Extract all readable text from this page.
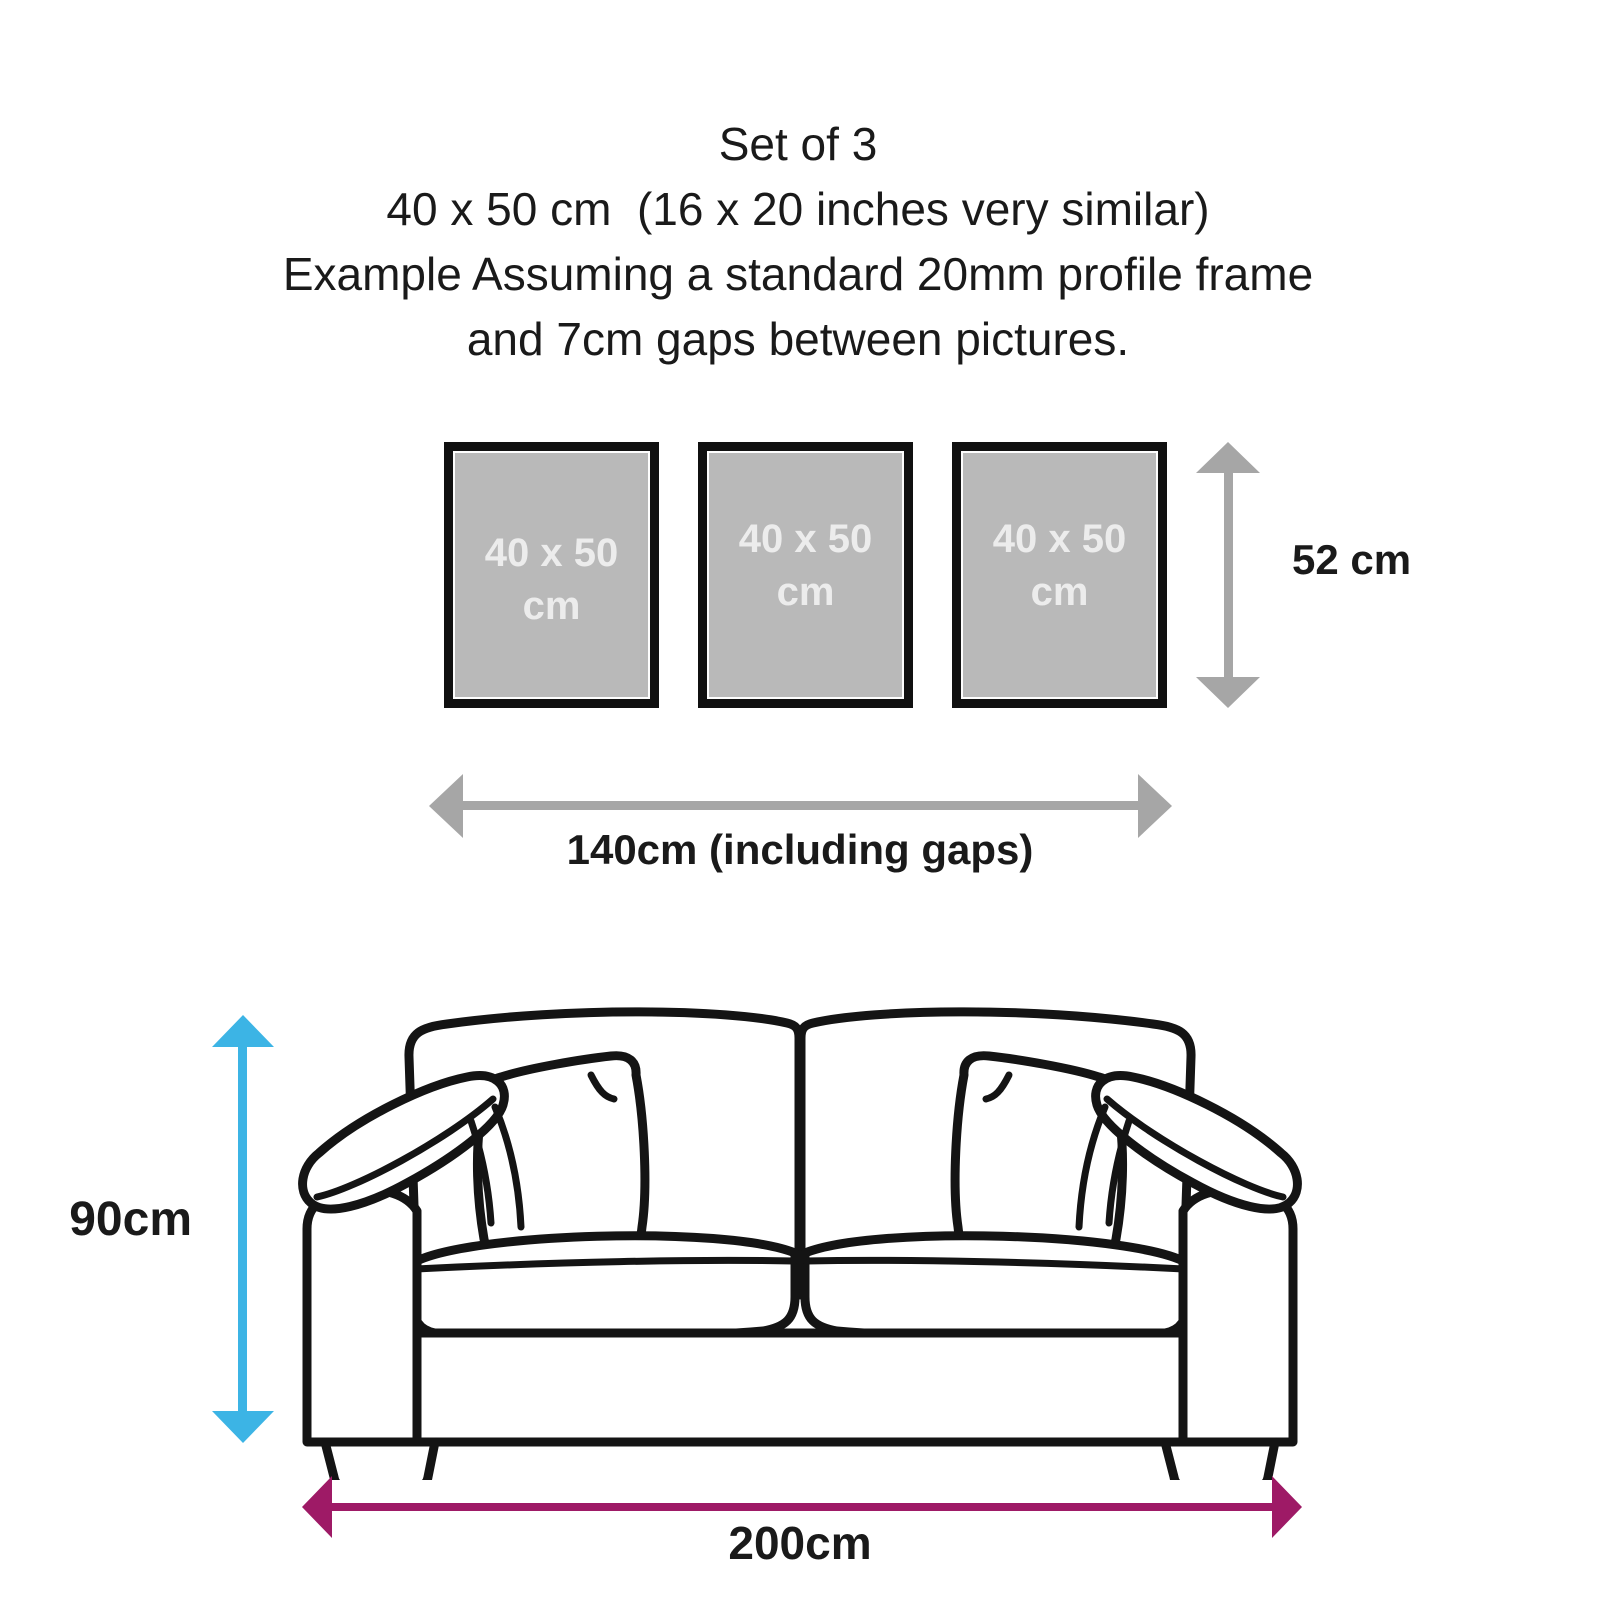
Set of 3
40 x 50 cm  (16 x 20 inches very similar)
Example Assuming a standard 20mm profile frame
and 7cm gaps between pictures.
40 x 50
cm
40 x 50
cm
40 x 50
cm
52 cm
140cm (including gaps)
90cm
200cm
